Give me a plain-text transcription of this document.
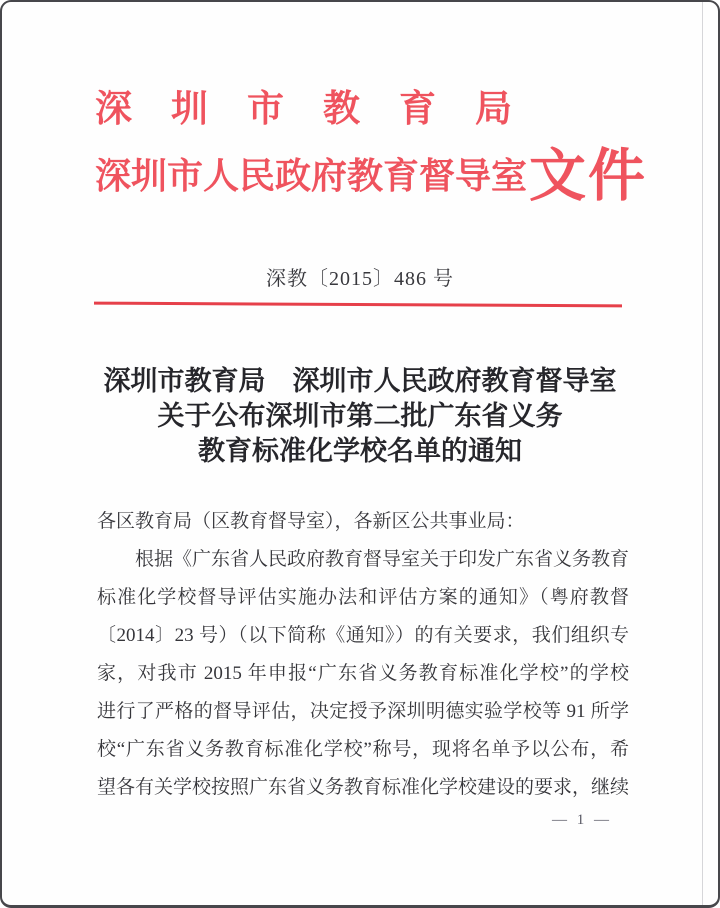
深圳市教育局
深圳市人民政府教育督导室 文件
深教〔2015〕486 号
深圳市教育局　深圳市人民政府教育督导室
关于公布深圳市第二批广东省义务
教育标准化学校名单的通知
各区教育局（区教育督导室），各新区公共事业局：
根据《广东省人民政府教育督导室关于印发广东省义务教育
标准化学校督导评估实施办法和评估方案的通知》（粤府教督
〔2014〕23 号）（以下简称《通知》）的有关要求，我们组织专
家，对我市 2015 年申报“广东省义务教育标准化学校”的学校
进行了严格的督导评估，决定授予深圳明德实验学校等 91 所学
校“广东省义务教育标准化学校”称号，现将名单予以公布，希
望各有关学校按照广东省义务教育标准化学校建设的要求，继续
— 1 —
